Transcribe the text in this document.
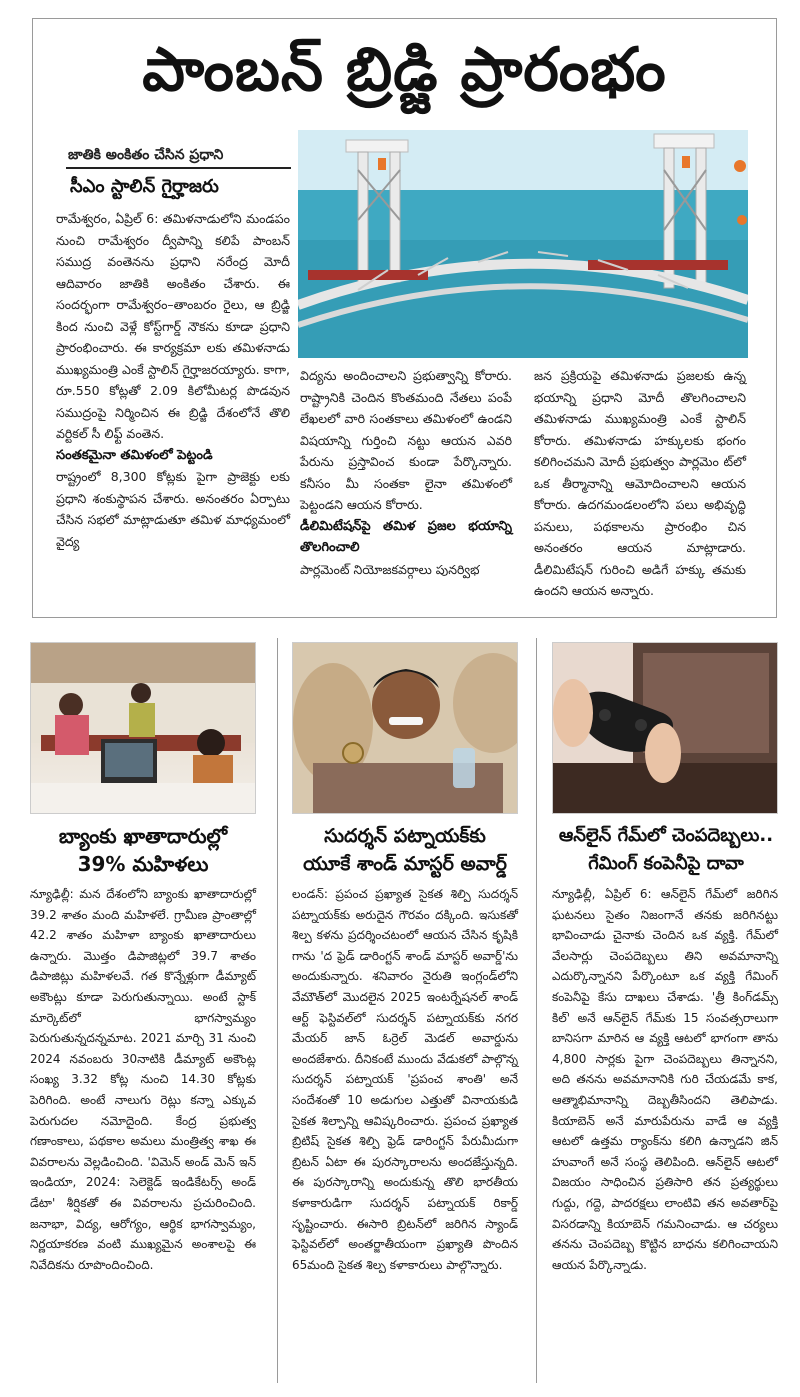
పాంబన్ బ్రిడ్జి ప్రారంభం
జాతికి అంకితం చేసిన ప్రధాని
సీఎం స్టాలిన్ గైర్హాజరు

రామేశ్వరం, ఏప్రిల్ 6: తమిళనాడులోని మండపం నుంచి రామేశ్వరం ద్వీపాన్ని కలిపే పాంబన్ సముద్ర వంతెనను ప్రధాని నరేంద్ర మోదీ ఆదివారం జాతికి అంకితం చేశారు. ఈ సందర్భంగా రామేశ్వరం–తాంబరం రైలు, ఆ బ్రిడ్జి కింద నుంచి వెళ్లే కోస్ట్‌గార్డ్ నౌకను కూడా ప్రధాని ప్రారంభించారు. ఈ కార్యక్రమా లకు తమిళనాడు ముఖ్యమంత్రి ఎంకే స్టాలిన్ గైర్హాజరయ్యారు. కాగా, రూ.550 కోట్లతో 2.09 కిలోమీటర్ల పొడవున సముద్రంపై నిర్మించిన ఈ బ్రిడ్జి దేశంలోనే తొలి వర్టికల్ సీ లిఫ్ట్ వంతెన.

సంతకమైనా తమిళంలో పెట్టండి

రాష్ట్రంలో 8,300 కోట్లకు పైగా ప్రాజెక్టు లకు ప్రధాని శంకుస్థాపన చేశారు. అనంతరం ఏర్పాటు చేసిన సభలో మాట్లాడుతూ తమిళ మాధ్యమంలో వైద్య

విద్యను అందించాలని ప్రభుత్వాన్ని కోరారు. రాష్ట్రానికి చెందిన కొంతమంది నేతలు పంపే లేఖలలో వారి సంతకాలు తమిళంలో ఉండని విషయాన్ని గుర్తించి నట్టు ఆయన ఎవరి పేరును ప్రస్తావించ కుండా పేర్కొన్నారు. కనీసం మీ సంతకా లైనా తమిళంలో పెట్టండని ఆయన కోరారు.

డీలిమిటేషన్‌పై తమిళ ప్రజల భయాన్ని తొలగించాలి

పార్లమెంట్ నియోజకవర్గాలు పునర్విభ

జన ప్రక్రియపై తమిళనాడు ప్రజలకు ఉన్న భయాన్ని ప్రధాని మోదీ తొలగించాలని తమిళనాడు ముఖ్యమంత్రి ఎంకే స్టాలిన్ కోరారు. తమిళనాడు హక్కులకు భంగం కలిగించమని మోదీ ప్రభుత్వం పార్లమెం ట్‌లో ఒక తీర్మానాన్ని ఆమోదించాలని ఆయన కోరారు. ఉదగమండలంలోని పలు అభివృద్ధి పనులు, పథకాలను ప్రారంభిం చిన అనంతరం ఆయన మాట్లాడారు. డీలిమిటేషన్ గురించి అడిగే హక్కు తమకు ఉందని ఆయన అన్నారు.

బ్యాంకు ఖాతాదారుల్లో
39% మహిళలు
న్యూఢిల్లీ: మన దేశంలోని బ్యాంకు ఖాతాదారుల్లో 39.2 శాతం మంది మహిళలే. గ్రామీణ ప్రాంతాల్లో 42.2 శాతం మహిళా బ్యాంకు ఖాతాదారులు ఉన్నారు. మొత్తం డిపాజిట్లలో 39.7 శాతం డిపాజిట్లు మహిళలవే. గత కొన్నేళ్లుగా డీమ్యాట్ అకౌంట్లు కూడా పెరుగుతున్నాయి. అంటే స్టాక్ మార్కెట్‌లో భాగస్వామ్యం పెరుగుతున్నదన్నమాట. 2021 మార్చి 31 నుంచి 2024 నవంబరు 30నాటికి డీమ్యాట్ అకౌంట్ల సంఖ్య 3.32 కోట్ల నుంచి 14.30 కోట్లకు పెరిగింది. అంటే నాలుగు రెట్లు కన్నా ఎక్కువ పెరుగుదల నమోదైంది. కేంద్ర ప్రభుత్వ గణాంకాలు, పథకాల అమలు మంత్రిత్వ శాఖ ఈ వివరాలను వెల్లడించింది. 'విమెన్ అండ్ మెన్ ఇన్ ఇండియా, 2024: సెలెక్టెడ్ ఇండికేటర్స్ అండ్ డేటా' శీర్షికతో ఈ వివరాలను ప్రచురించింది. జనాభా, విద్య, ఆరోగ్యం, ఆర్థిక భాగస్వామ్యం, నిర్ణయాకరణ వంటి ముఖ్యమైన అంశాలపై ఈ నివేదికను రూపొందించింది.
సుదర్శన్ పట్నాయక్‌కు
యూకే శాండ్ మాస్టర్ అవార్డ్
లండన్: ప్రపంచ ప్రఖ్యాత సైకత శిల్పి సుదర్శన్ పట్నాయక్‌కు అరుదైన గౌరవం దక్కింది. ఇసుకతో శిల్ప కళను ప్రదర్శించటంలో ఆయన చేసిన కృషికి గాను 'ద ఫ్రెడ్ డారింగ్టన్ శాండ్ మాస్టర్ అవార్డ్'ను అందుకున్నారు. శనివారం నైరుతి ఇంగ్లండ్‌లోని వేమౌత్‌లో మొదలైన 2025 ఇంటర్నేషనల్ శాండ్ ఆర్ట్ ఫెస్టివల్‌లో సుదర్శన్ పట్నాయక్‌కు నగర మేయర్ జాన్ ఓర్రెల్ మెడల్ అవార్డును అందజేశారు. దీనికంటే ముందు వేడుకలో పాల్గొన్న సుదర్శన్ పట్నాయక్ 'ప్రపంచ శాంతి' అనే సందేశంతో 10 అడుగుల ఎత్తుతో వినాయకుడి సైకత శిల్పాన్ని ఆవిష్కరించారు. ప్రపంచ ప్రఖ్యాత బ్రిటిష్ సైకత శిల్పి ఫ్రెడ్ డారింగ్టన్ పేరుమీదుగా బ్రిటన్ ఏటా ఈ పురస్కారాలను అందజేస్తున్నది. ఈ పురస్కారాన్ని అందుకున్న తొలి భారతీయ కళాకారుడిగా సుదర్శన్ పట్నాయక్ రికార్డ్ సృష్టించారు. ఈసారి బ్రిటన్‌లో జరిగిన స్యాండ్ ఫెస్టివల్‌లో అంతర్జాతీయంగా ప్రఖ్యాతి పొందిన 65మంది సైకత శిల్ప కళాకారులు పాల్గొన్నారు.
ఆన్‌లైన్ గేమ్‌లో చెంపదెబ్బలు..
గేమింగ్ కంపెనీపై దావా
న్యూఢిల్లీ, ఏప్రిల్ 6: ఆన్‌లైన్ గేమ్‌లో జరిగిన ఘటనలు సైతం నిజంగానే తనకు జరిగినట్టు భావించాడు చైనాకు చెందిన ఒక వ్యక్తి. గేమ్‌లో వేలసార్లు చెంపదెబ్బలు తిని అవమానాన్ని ఎదుర్కొన్నానని పేర్కొంటూ ఒక వ్యక్తి గేమింగ్ కంపెనీపై కేసు దాఖలు చేశాడు. 'త్రీ కింగ్‌డమ్స్ కిల్' అనే ఆన్‌లైన్ గేమ్‌కు 15 సంవత్సరాలుగా బానిసగా మారిన ఆ వ్యక్తి ఆటలో భాగంగా తాను 4,800 సార్లకు పైగా చెంపదెబ్బలు తిన్నానని, అది తనను అవమానానికి గురి చేయడమే కాక, ఆత్మాభిమానాన్ని దెబ్బతీసిందని తెలిపాడు. కియాబెన్ అనే మారుపేరును వాడే ఆ వ్యక్తి ఆటలో ఉత్తమ ర్యాంక్‌ను కలిగి ఉన్నాడని జిన్ హువాంగే అనే సంస్థ తెలిపింది. ఆన్‌లైన్ ఆటలో విజయం సాధించిన ప్రతిసారి తన ప్రత్యర్థులు గుద్దు, గద్దె, పాదరక్షలు లాంటివి తన అవతార్‌పై విసరడాన్ని కియాబెన్ గమనించాడు. ఆ చర్యలు తనను చెంపదెబ్బ కొట్టిన బాధను కలిగించాయని ఆయన పేర్కొన్నాడు.
